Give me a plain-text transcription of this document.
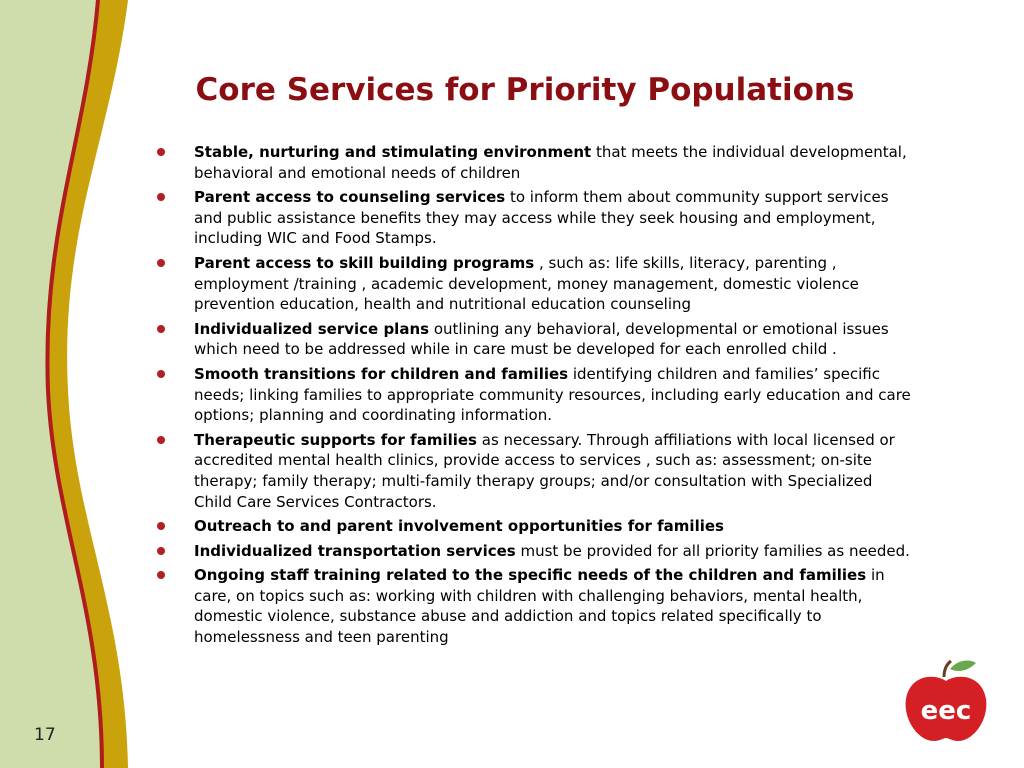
Core Services for Priority Populations
Stable, nurturing and stimulating environment that meets the individual developmental, behavioral and emotional needs of children
Parent access to counseling services to inform them about community support services and public assistance benefits they may access while they seek housing and employment, including WIC and Food Stamps.
Parent access to skill building programs , such as: life skills, literacy, parenting , employment /training , academic development, money management, domestic violence prevention education, health and nutritional education counseling
Individualized service plans outlining any behavioral, developmental or emotional issues which need to be addressed while in care must be developed for each enrolled child .
Smooth transitions for children and families identifying children and families’ specific needs; linking families to appropriate community resources, including early education and care options; planning and coordinating information.
Therapeutic supports for families as necessary. Through affiliations with local licensed or accredited mental health clinics, provide access to services , such as: assessment; on-site therapy; family therapy; multi-family therapy groups; and/or consultation with Specialized Child Care Services Contractors.
Outreach to and parent involvement opportunities for families
Individualized transportation services must be provided for all priority families as needed.
Ongoing staff training related to the specific needs of the children and families in care, on topics such as: working with children with challenging behaviors, mental health, domestic violence, substance abuse and addiction and topics related specifically to homelessness and teen parenting
17
eec
